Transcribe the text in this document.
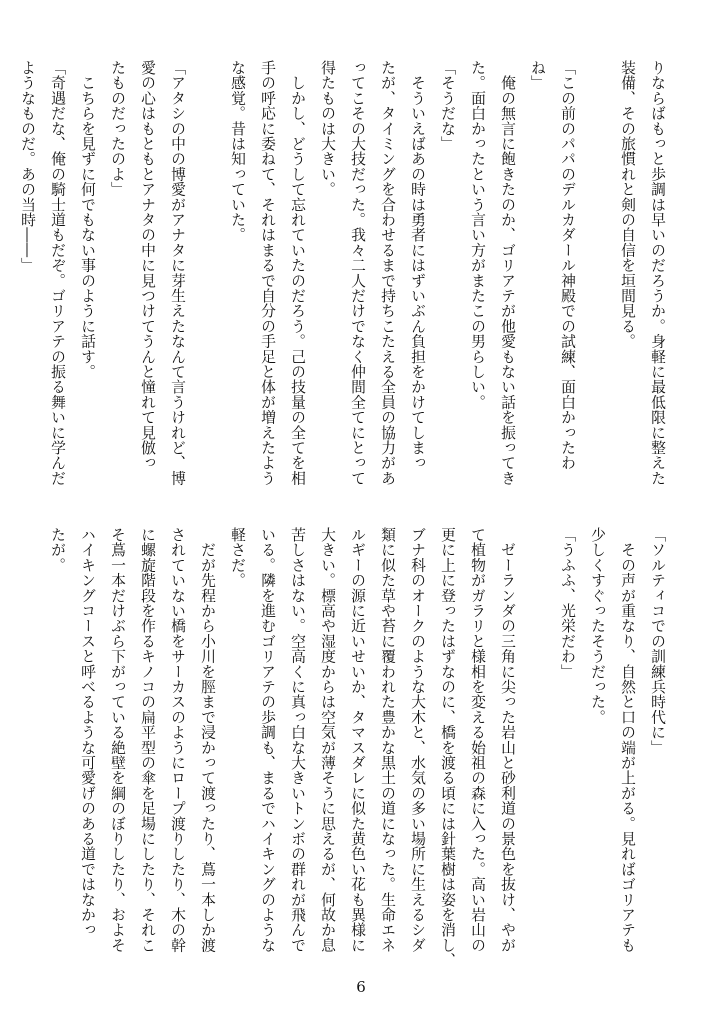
りならばもっと歩調は早いのだろうか。身軽に最低限に整えた
装備、その旅慣れと剣の自信を垣間見る。

「この前のパパのデルカダール神殿での試練、面白かったわ
ね」
　俺の無言に飽きたのか、ゴリアテが他愛もない話を振ってき
た。面白かったという言い方がまたこの男らしい。
「そうだな」
　そういえばあの時は勇者にはずいぶん負担をかけてしまっ
たが、タイミングを合わせるまで持ちこたえる全員の協力があ
ってこその大技だった。我々二人だけでなく仲間全てにとって
得たものは大きい。
　しかし、どうして忘れていたのだろう。己の技量の全てを相
手の呼応に委ねて、それはまるで自分の手足と体が増えたよう
な感覚。昔は知っていた。

「アタシの中の博愛がアナタに芽生えたなんて言うけれど、博
愛の心はもともとアナタの中に見つけてうんと憧れて見倣っ
たものだったのよ」
　こちらを見ずに何でもない事のように話す。
「奇遇だな、俺の騎士道もだぞ。ゴリアテの振る舞いに学んだ
ようなものだ。あの当時――」
「ソルティコでの訓練兵時代に」
　その声が重なり、自然と口の端が上がる。見ればゴリアテも
少しくすぐったそうだった。
「うふふ、光栄だわ」

　ゼーランダの三角に尖った岩山と砂利道の景色を抜け、やが
て植物がガラリと様相を変える始祖の森に入った。高い岩山の
更に上に登ったはずなのに、橋を渡る頃には針葉樹は姿を消し、
ブナ科のオークのような大木と、水気の多い場所に生えるシダ
類に似た草や苔に覆われた豊かな黒土の道になった。生命エネ
ルギーの源に近いせいか、タマスダレに似た黄色い花も異様に
大きい。標高や湿度からは空気が薄そうに思えるが、何故か息
苦しさはない。空高くに真っ白な大きいトンボの群れが飛んで
いる。隣を進むゴリアテの歩調も、まるでハイキングのような
軽さだ。
　だが先程から小川を脛まで浸かって渡ったり、蔦一本しか渡
されていない橋をサーカスのようにロープ渡りしたり、木の幹
に螺旋階段を作るキノコの扁平型の傘を足場にしたり、それこ
そ蔦一本だけぶら下がっている絶壁を綱のぼりしたり、およそ
ハイキングコースと呼べるような可愛げのある道ではなかっ
たが。
6
